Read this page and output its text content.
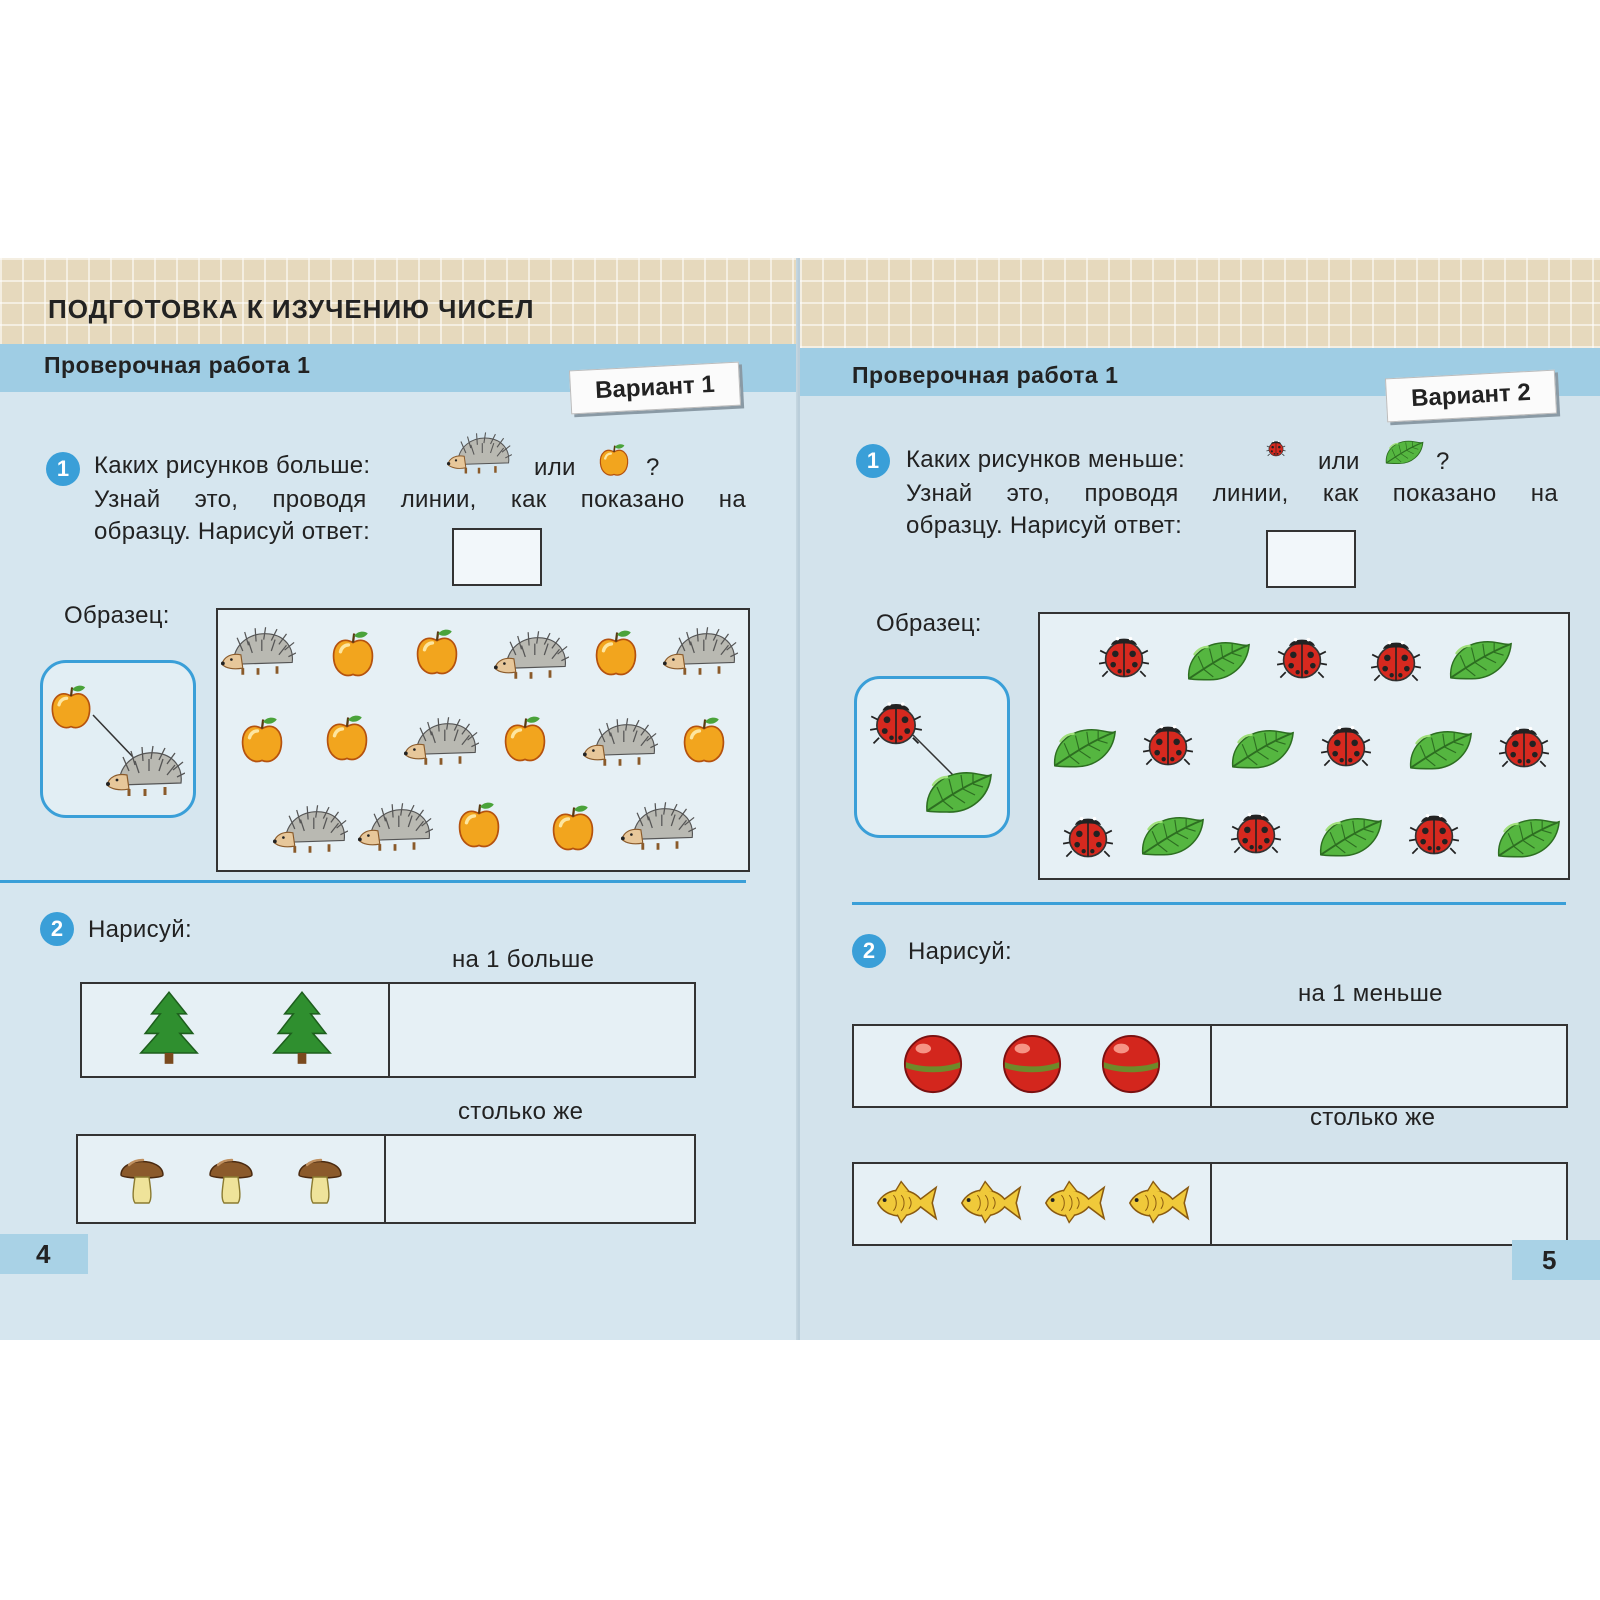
ПОДГОТОВКА К ИЗУЧЕНИЮ ЧИСЕЛ
Проверочная работа 1
Вариант 1
1	Каких рисунков больше:	или	?
Узнай это, проводя линии, как показано на
образцу. Нарисуй ответ:
Образец:
2	Нарисуй:
на 1 больше
столько же
4
Проверочная работа 1
Вариант 2
1	Каких рисунков меньше:	или	?
Узнай это, проводя линии, как показано на
образцу. Нарисуй ответ:
Образец:
2	Нарисуй:
на 1 меньше
столько же
5
